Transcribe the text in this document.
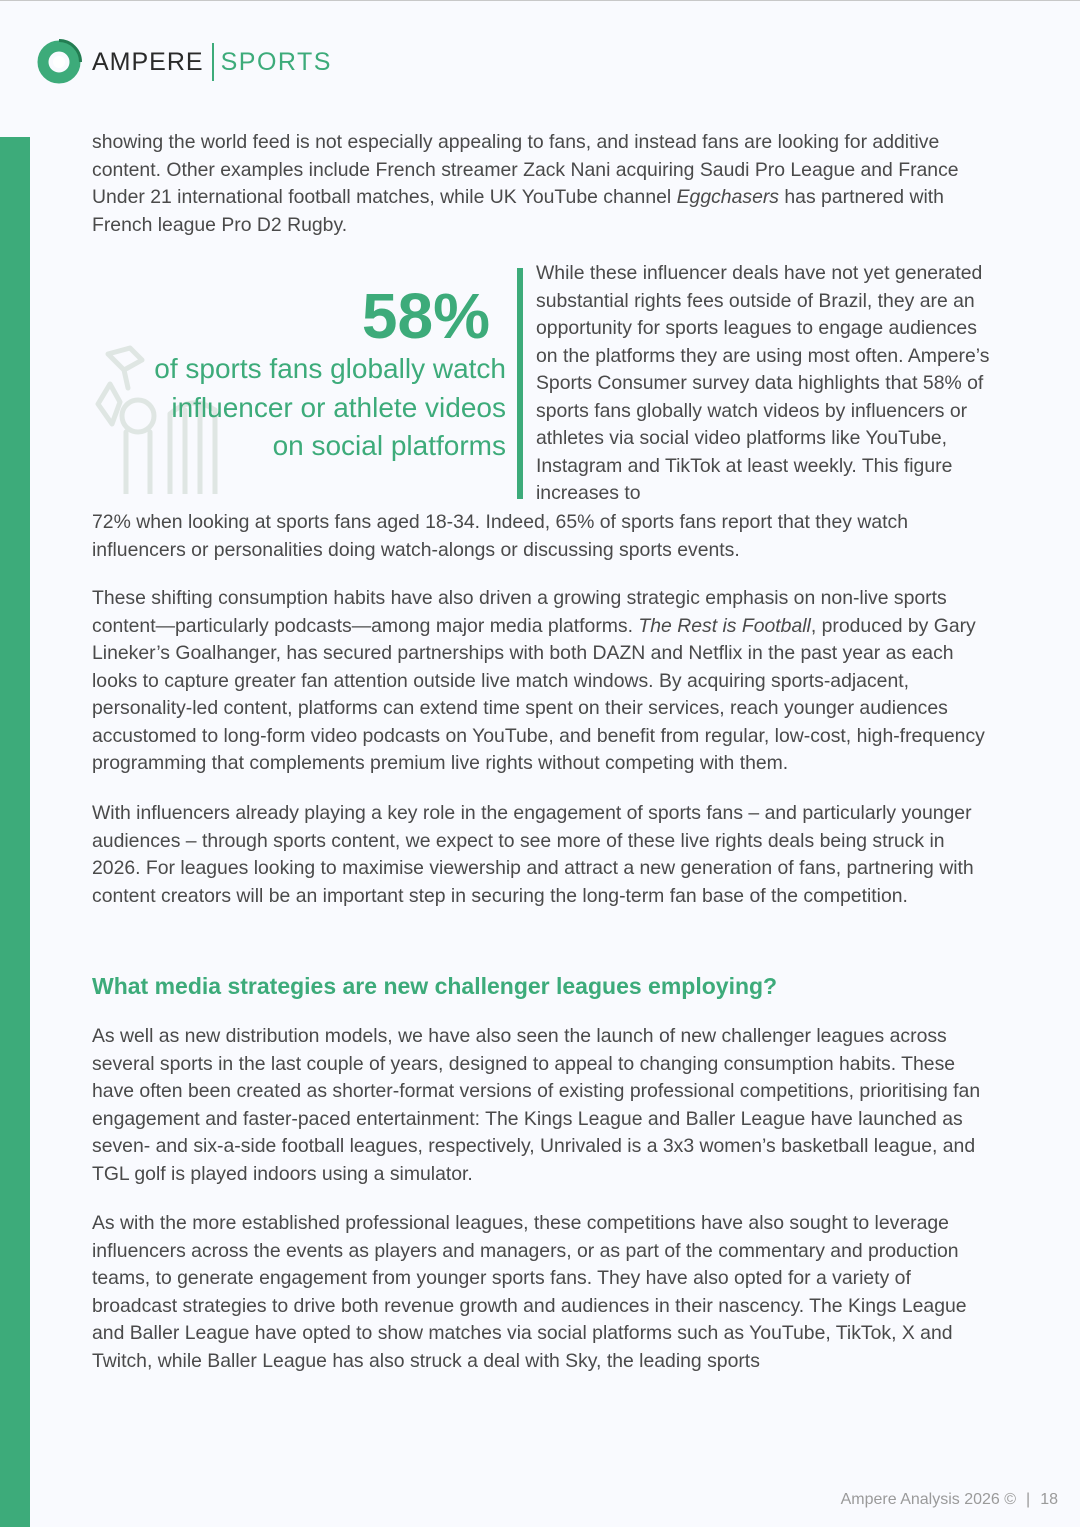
AMPERE SPORTS

showing the world feed is not especially appealing to fans, and instead fans are looking for additive content. Other examples include French streamer Zack Nani acquiring Saudi Pro League and France Under 21 international football matches, while UK YouTube channel Eggchasers has partnered with French league Pro D2 Rugby.

58%
of sports fans globally watch
influencer or athlete videos
on social platforms
While these influencer deals have not yet generated substantial rights fees outside of Brazil, they are an opportunity for sports leagues to engage audiences on the platforms they are using most often. Ampere’s Sports Consumer survey data highlights that 58% of sports fans globally watch videos by influencers or athletes via social video platforms like YouTube, Instagram and TikTok at least weekly. This figure increases to
72% when looking at sports fans aged 18-34. Indeed, 65% of sports fans report that they watch influencers or personalities doing watch-alongs or discussing sports events.

These shifting consumption habits have also driven a growing strategic emphasis on non-live sports content—particularly podcasts—among major media platforms. The Rest is Football, produced by Gary Lineker’s Goalhanger, has secured partnerships with both DAZN and Netflix in the past year as each looks to capture greater fan attention outside live match windows. By acquiring sports-adjacent, personality-led content, platforms can extend time spent on their services, reach younger audiences accustomed to long-form video podcasts on YouTube, and benefit from regular, low-cost, high-frequency programming that complements premium live rights without competing with them.

With influencers already playing a key role in the engagement of sports fans – and particularly younger audiences – through sports content, we expect to see more of these live rights deals being struck in 2026. For leagues looking to maximise viewership and attract a new generation of fans, partnering with content creators will be an important step in securing the long-term fan base of the competition.
What media strategies are new challenger leagues employing?
As well as new distribution models, we have also seen the launch of new challenger leagues across several sports in the last couple of years, designed to appeal to changing consumption habits. These have often been created as shorter-format versions of existing professional competitions, prioritising fan engagement and faster-paced entertainment: The Kings League and Baller League have launched as seven- and six-a-side football leagues, respectively, Unrivaled is a 3x3 women’s basketball league, and TGL golf is played indoors using a simulator.
As with the more established professional leagues, these competitions have also sought to leverage influencers across the events as players and managers, or as part of the commentary and production teams, to generate engagement from younger sports fans. They have also opted for a variety of broadcast strategies to drive both revenue growth and audiences in their nascency. The Kings League and Baller League have opted to show matches via social platforms such as YouTube, TikTok, X and Twitch, while Baller League has also struck a deal with Sky, the leading sports
Ampere Analysis 2026 © | 18
